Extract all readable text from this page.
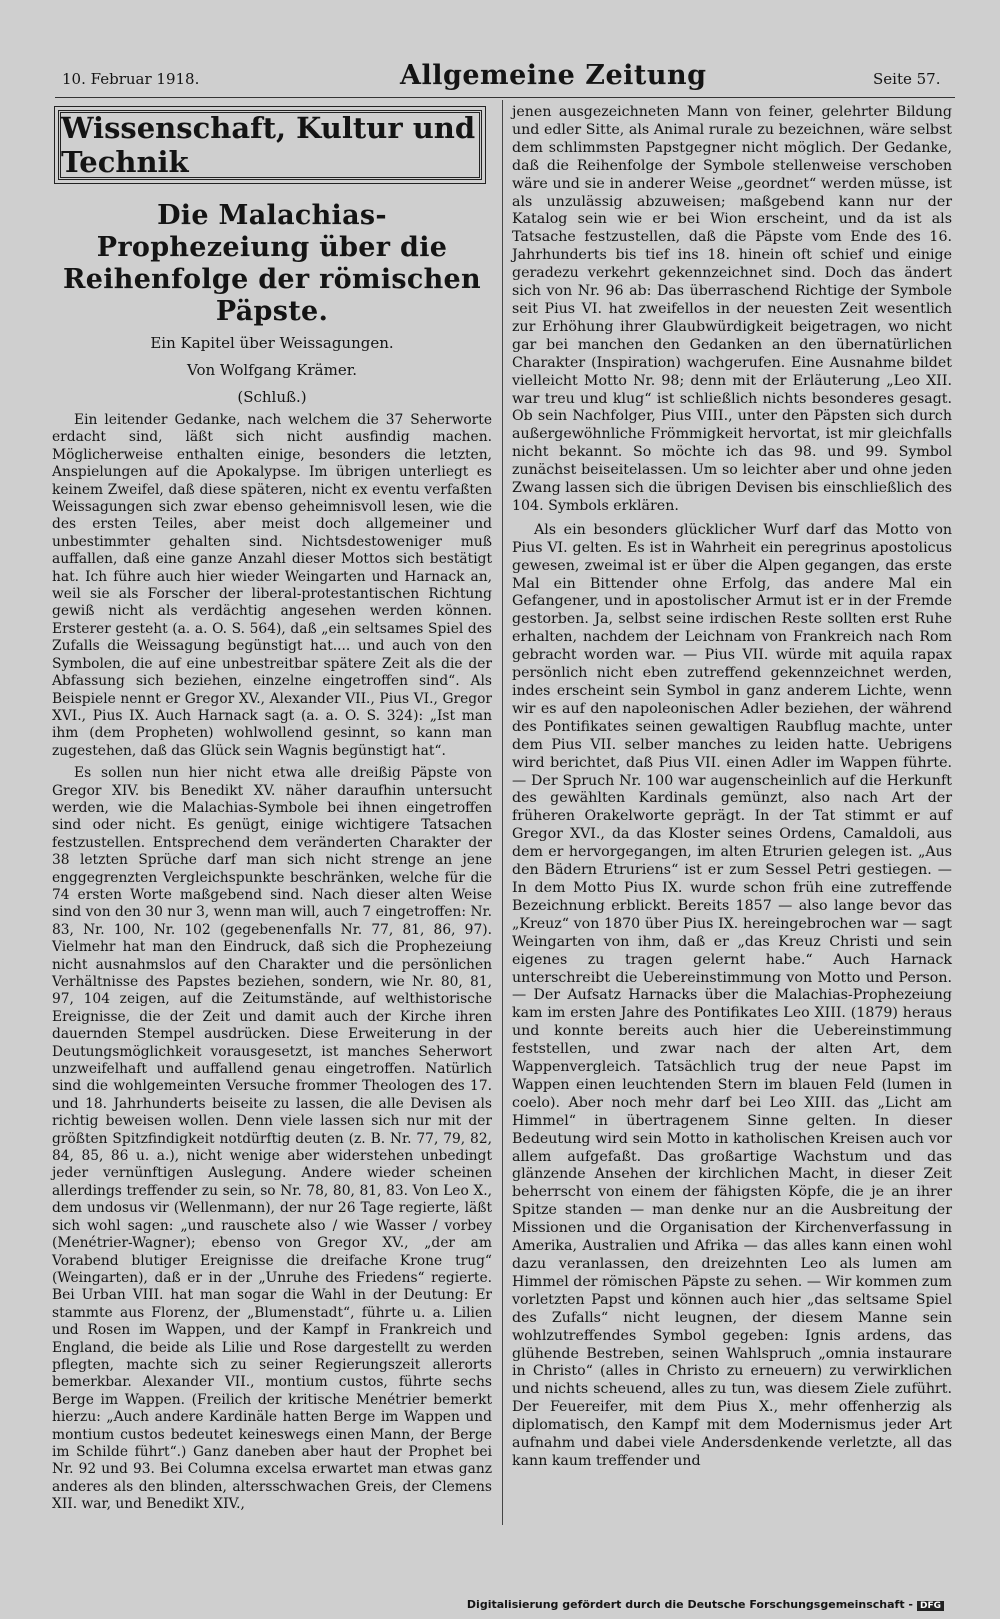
10. Februar 1918.	Allgemeine Zeitung	Seite 57.
Wissenschaft, Kultur und Technik
Die Malachias-Prophezeiung über die Reihenfolge der römischen Päpste.
Ein Kapitel über Weissagungen.
Von Wolfgang Krämer.
(Schluß.)

Ein leitender Gedanke, nach welchem die 37 Seherworte erdacht sind, läßt sich nicht ausfindig machen. Möglicherweise enthalten einige, besonders die letzten, Anspielungen auf die Apokalypse. Im übrigen unterliegt es keinem Zweifel, daß diese späteren, nicht ex eventu verfaßten Weissagungen sich zwar ebenso geheimnisvoll lesen, wie die des ersten Teiles, aber meist doch allgemeiner und unbestimmter gehalten sind. Nichtsdestoweniger muß auffallen, daß eine ganze Anzahl dieser Mottos sich bestätigt hat. Ich führe auch hier wieder Weingarten und Harnack an, weil sie als Forscher der liberal-protestantischen Richtung gewiß nicht als verdächtig angesehen werden können. Ersterer gesteht (a. a. O. S. 564), daß „ein seltsames Spiel des Zufalls die Weissagung begünstigt hat.... und auch von den Symbolen, die auf eine unbestreitbar spätere Zeit als die der Abfassung sich beziehen, einzelne eingetroffen sind“. Als Beispiele nennt er Gregor XV., Alexander VII., Pius VI., Gregor XVI., Pius IX. Auch Harnack sagt (a. a. O. S. 324): „Ist man ihm (dem Propheten) wohlwollend gesinnt, so kann man zugestehen, daß das Glück sein Wagnis begünstigt hat“.

Es sollen nun hier nicht etwa alle dreißig Päpste von Gregor XIV. bis Benedikt XV. näher daraufhin untersucht werden, wie die Malachias-Symbole bei ihnen eingetroffen sind oder nicht. Es genügt, einige wichtigere Tatsachen festzustellen. Entsprechend dem veränderten Charakter der 38 letzten Sprüche darf man sich nicht strenge an jene enggegrenzten Vergleichspunkte beschränken, welche für die 74 ersten Worte maßgebend sind. Nach dieser alten Weise sind von den 30 nur 3, wenn man will, auch 7 eingetroffen: Nr. 83, Nr. 100, Nr. 102 (gegebenenfalls Nr. 77, 81, 86, 97). Vielmehr hat man den Eindruck, daß sich die Prophezeiung nicht ausnahmslos auf den Charakter und die persönlichen Verhältnisse des Papstes beziehen, sondern, wie Nr. 80, 81, 97, 104 zeigen, auf die Zeitumstände, auf welthistorische Ereignisse, die der Zeit und damit auch der Kirche ihren dauernden Stempel ausdrücken. Diese Erweiterung in der Deutungsmöglichkeit vorausgesetzt, ist manches Seherwort unzweifelhaft und auffallend genau eingetroffen. Natürlich sind die wohlgemeinten Versuche frommer Theologen des 17. und 18. Jahrhunderts beiseite zu lassen, die alle Devisen als richtig beweisen wollen. Denn viele lassen sich nur mit der größten Spitzfindigkeit notdürftig deuten (z. B. Nr. 77, 79, 82, 84, 85, 86 u. a.), nicht wenige aber widerstehen unbedingt jeder vernünftigen Auslegung. Andere wieder scheinen allerdings treffender zu sein, so Nr. 78, 80, 81, 83. Von Leo X., dem undosus vir (Wellenmann), der nur 26 Tage regierte, läßt sich wohl sagen: „und rauschete also / wie Wasser / vorbey (Menétrier-Wagner); ebenso von Gregor XV., „der am Vorabend blutiger Ereignisse die dreifache Krone trug“ (Weingarten), daß er in der „Unruhe des Friedens“ regierte. Bei Urban VIII. hat man sogar die Wahl in der Deutung: Er stammte aus Florenz, der „Blumenstadt“, führte u. a. Lilien und Rosen im Wappen, und der Kampf in Frankreich und England, die beide als Lilie und Rose dargestellt zu werden pflegten, machte sich zu seiner Regierungszeit allerorts bemerkbar. Alexander VII., montium custos, führte sechs Berge im Wappen. (Freilich der kritische Menétrier bemerkt hierzu: „Auch andere Kardinäle hatten Berge im Wappen und montium custos bedeutet keineswegs einen Mann, der Berge im Schilde führt“.) Ganz daneben aber haut der Prophet bei Nr. 92 und 93. Bei Columna excelsa erwartet man etwas ganz anderes als den blinden, altersschwachen Greis, der Clemens XII. war, und Benedikt XIV.,

jenen ausgezeichneten Mann von feiner, gelehrter Bildung und edler Sitte, als Animal rurale zu bezeichnen, wäre selbst dem schlimmsten Papstgegner nicht möglich. Der Gedanke, daß die Reihenfolge der Symbole stellenweise verschoben wäre und sie in anderer Weise „geordnet“ werden müsse, ist als unzulässig abzuweisen; maßgebend kann nur der Katalog sein wie er bei Wion erscheint, und da ist als Tatsache festzustellen, daß die Päpste vom Ende des 16. Jahrhunderts bis tief ins 18. hinein oft schief und einige geradezu verkehrt gekennzeichnet sind. Doch das ändert sich von Nr. 96 ab: Das überraschend Richtige der Symbole seit Pius VI. hat zweifellos in der neuesten Zeit wesentlich zur Erhöhung ihrer Glaubwürdigkeit beigetragen, wo nicht gar bei manchen den Gedanken an den übernatürlichen Charakter (Inspiration) wachgerufen. Eine Ausnahme bildet vielleicht Motto Nr. 98; denn mit der Erläuterung „Leo XII. war treu und klug“ ist schließlich nichts besonderes gesagt. Ob sein Nachfolger, Pius VIII., unter den Päpsten sich durch außergewöhnliche Frömmigkeit hervortat, ist mir gleichfalls nicht bekannt. So möchte ich das 98. und 99. Symbol zunächst beiseitelassen. Um so leichter aber und ohne jeden Zwang lassen sich die übrigen Devisen bis einschließlich des 104. Symbols erklären.

Als ein besonders glücklicher Wurf darf das Motto von Pius VI. gelten. Es ist in Wahrheit ein peregrinus apostolicus gewesen, zweimal ist er über die Alpen gegangen, das erste Mal ein Bittender ohne Erfolg, das andere Mal ein Gefangener, und in apostolischer Armut ist er in der Fremde gestorben. Ja, selbst seine irdischen Reste sollten erst Ruhe erhalten, nachdem der Leichnam von Frankreich nach Rom gebracht worden war. — Pius VII. würde mit aquila rapax persönlich nicht eben zutreffend gekennzeichnet werden, indes erscheint sein Symbol in ganz anderem Lichte, wenn wir es auf den napoleonischen Adler beziehen, der während des Pontifikates seinen gewaltigen Raubflug machte, unter dem Pius VII. selber manches zu leiden hatte. Uebrigens wird berichtet, daß Pius VII. einen Adler im Wappen führte. — Der Spruch Nr. 100 war augenscheinlich auf die Herkunft des gewählten Kardinals gemünzt, also nach Art der früheren Orakelworte geprägt. In der Tat stimmt er auf Gregor XVI., da das Kloster seines Ordens, Camaldoli, aus dem er hervorgegangen, im alten Etrurien gelegen ist. „Aus den Bädern Etruriens“ ist er zum Sessel Petri gestiegen. — In dem Motto Pius IX. wurde schon früh eine zutreffende Bezeichnung erblickt. Bereits 1857 — also lange bevor das „Kreuz“ von 1870 über Pius IX. hereingebrochen war — sagt Weingarten von ihm, daß er „das Kreuz Christi und sein eigenes zu tragen gelernt habe.“ Auch Harnack unterschreibt die Uebereinstimmung von Motto und Person. — Der Aufsatz Harnacks über die Malachias-Prophezeiung kam im ersten Jahre des Pontifikates Leo XIII. (1879) heraus und konnte bereits auch hier die Uebereinstimmung feststellen, und zwar nach der alten Art, dem Wappenvergleich. Tatsächlich trug der neue Papst im Wappen einen leuchtenden Stern im blauen Feld (lumen in coelo). Aber noch mehr darf bei Leo XIII. das „Licht am Himmel“ in übertragenem Sinne gelten. In dieser Bedeutung wird sein Motto in katholischen Kreisen auch vor allem aufgefaßt. Das großartige Wachstum und das glänzende Ansehen der kirchlichen Macht, in dieser Zeit beherrscht von einem der fähigsten Köpfe, die je an ihrer Spitze standen — man denke nur an die Ausbreitung der Missionen und die Organisation der Kirchenverfassung in Amerika, Australien und Afrika — das alles kann einen wohl dazu veranlassen, den dreizehnten Leo als lumen am Himmel der römischen Päpste zu sehen. — Wir kommen zum vorletzten Papst und können auch hier „das seltsame Spiel des Zufalls“ nicht leugnen, der diesem Manne sein wohlzutreffendes Symbol gegeben: Ignis ardens, das glühende Bestreben, seinen Wahlspruch „omnia instaurare in Christo“ (alles in Christo zu erneuern) zu verwirklichen und nichts scheuend, alles zu tun, was diesem Ziele zuführt. Der Feuereifer, mit dem Pius X., mehr offenherzig als diplomatisch, den Kampf mit dem Modernismus jeder Art aufnahm und dabei viele Andersdenkende verletzte, all das kann kaum treffender und

Digitalisierung gefördert durch die Deutsche Forschungsgemeinschaft - DFG
